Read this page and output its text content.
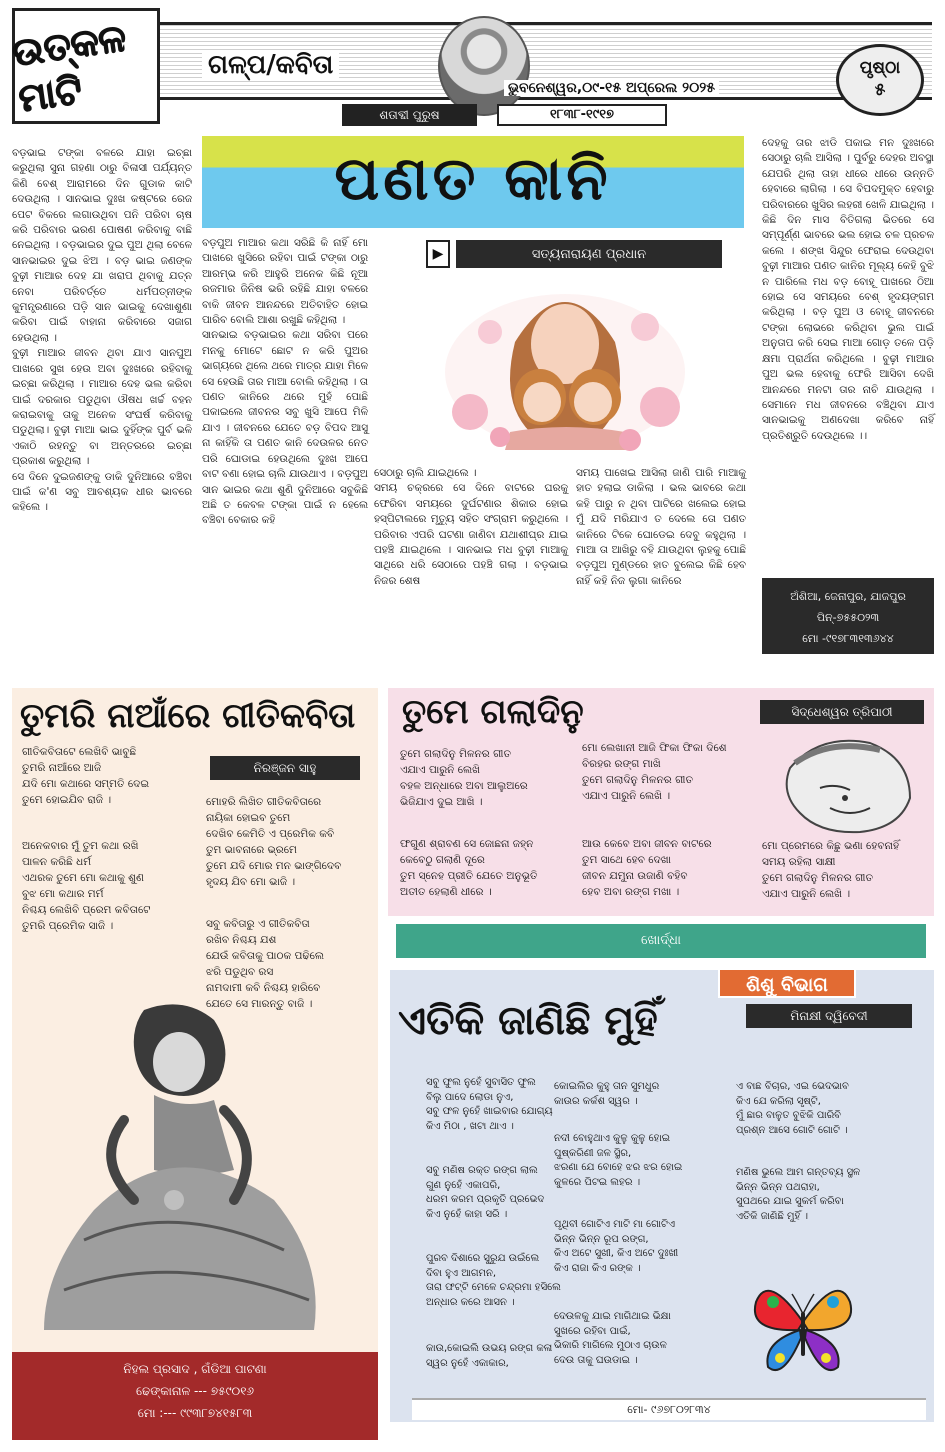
ଉତ୍କଳ ମାଟି
ଗଳ୍ପ/କବିତା
ଭୁବନେଶ୍ୱର,୦୯-୧୫ ଅପ୍ରେଲ ୨୦୨୫
ଶତାବ୍ଦୀ ପୁରୁଷ	୧୮୩୮-୧୯୧୭
ପୃଷ୍ଠା
୫
ବଡ଼ଭାଇ ଟଙ୍କା ବଳରେ ଯାହା ଇଚ୍ଛା କରୁଥିଲା ସୁନା ଗହଣା ଠାରୁ ବିଳାସୀ ପର୍ଯ୍ୟନ୍ତ କିଣି ବେଶ୍ ଆରାମରେ ଦିନ ଗୁଡାକ କାଟି ଦେଉଥିଲା । ସାନଭାଇ ଦୁଃଖ କଷ୍ଟରେ ରେଜ ପେଟ ବିକରେ ଲଗାଉଥିବା ପନି ପରିବା ଚାଷ କରି ପରିବାର ଭରଣ ପୋଷଣ କରିବାକୁ ବାଛି ନେଇଥିଲା । ବଡ଼ଭାଇର ଦୁଇ ପୁଅ ଥିଲା ବେଳେ ସାନଭାଇର ଦୁଇ ଝିଅ । ବଡ଼ ଭାଇ ଜଣଙ୍କ ବୁଢ଼ୀ ମାଆର ଦେହ ଯା ଖରାପ ଥିବାକୁ ଯତ୍ନ ନେବା ପରିବର୍ତ୍ତେ ଧର୍ମପତ୍ନୀଙ୍କ କୁମନ୍ତ୍ରଣାରେ ପଡ଼ି ସାନ ଭାଇକୁ ଦେଖାଶୁଣା କରିବା ପାଇଁ ବାହାନା କରିବାରେ ସଜାଗ ହେଉଥିଲା ।
ବୁଢ଼ୀ ମାଆର ଜୀବନ ଥିବା ଯାଏ ସାନପୁଅ ପାଖରେ ସୁଖ ହେଉ ଅବା ଦୁଃଖରେ ରହିବାକୁ ଇଚ୍ଛା କରିଥିଲା । ମାଆର ଦେହ ଭଲ କରିବା ପାଇଁ ଦରକାର ପଡୁଥିବା ଔଷଧ ଖର୍ଚ୍ଚ ବହନ କରାଇବାକୁ ତାକୁ ଅନେକ ସଂଘର୍ଷ କରିବାକୁ ପଡୁଥିଲା। ବୁଢ଼ୀ ମାଆ ଭାଇ ଦୁହିଁଙ୍କ ପୁର୍ବ ଭଳି ଏକାଠି ରହନ୍ତୁ ବା ଅନ୍ତରରେ ଇଚ୍ଛା ପ୍ରକାଶ କରୁଥିଲା ।
ସେ ଦିନେ ଦୁଇଜଣଙ୍କୁ ଡାକି ଦୁନିଆରେ ବଞ୍ଚିବା ପାଇଁ କ'ଣ ସବୁ ଆବଶ୍ୟକ ଧୀର ଭାବରେ କହିଲେ ।
ପଣତ କାନି
ବଡ଼ପୁଅ ମାଆର କଥା ସରିଛି କି ନାହିଁ ମୋ ପାଖରେ ଖୁସିରେ ରହିବା ପାଇଁ ଟଙ୍କା ଠାରୁ ଆରମ୍ଭ କରି ଆହୁରି ଅନେକ କିଛି ନୂଆ ରଜମାର ଜିନିଷ ଭରି ରହିଛି ଯାହା ବଳରେ ବାକି ଜୀବନ ଆନନ୍ଦରେ ଅତିବାହିତ ହୋଇ ପାରିବ ବୋଲି ଆଶା ରଖୁଛି କହିଥିଲା ।
ସାନଭାଇ ବଡ଼ଭାଇର କଥା ସରିବା ପରେ ମନକୁ ମୋଟେ ଛୋଟ ନ କରି ପୁଅର ଭାଗ୍ୟରେ ଥିଲେ ଥରେ ମାତ୍ର ଯାହା ମିଳେ ସେ ହେଉଛି ତାର ମାଆ ବୋଲି କହିଥିଲା । ତା ପଣତ କାନିରେ ଥରେ ମୁହଁ ପୋଛି ପକାଇଲେ ଜୀବନର ସବୁ ଖୁସି ଆପେ ମିଳି ଯାଏ । ଜୀବନରେ ଯେତେ ବଡ଼ ବିପଦ ଆସୁ ନା କାହିଁକି ତା ପଣତ କାନି ଦେଉଳର ନେତ ପରି ଘୋଡାଇ ହେଉଥିଲେ ଦୁଃଖ ଆପେ ବାଟ ବଣା ହୋଇ ଚାଲି ଯାଉଥାଏ । ବଡ଼ପୁଅ ସାନ ଭାଇର କଥା ଶୁଣି ଦୁନିଆରେ ସବୁକିଛି ଅଛି ତ କେବଳ ଟଙ୍କା ପାଇଁ ନ ହେଲେ ବଞ୍ଚିବା ବେକାର କହି
▶	ସତ୍ୟନାରାୟଣ ପ୍ରଧାନ
ସେଠାରୁ ଚାଲି ଯାଇଥିଲେ ।
ସମୟ ଚକ୍ରରେ ସେ ଦିନେ ବାଟରେ ଘରକୁ ଫେରିବା ସମୟରେ ଦୁର୍ଘଟଣାର ଶିକାର ହୋଇ ହସ୍ପିଟାଲରେ ମୃତ୍ୟୁ ସହିତ ସଂଗ୍ରାମ କରୁଥିଲେ । ପରିବାର ଏପରି ଘଟଣା ଜାଣିବା ଯଥାଶୀଘ୍ର ଯାଇ ପହଞ୍ଚି ଯାଇଥିଲେ । ସାନଭାଇ ମଧ ବୁଢ଼ୀ ମାଆକୁ ସାଥିରେ ଧରି ସେଠାରେ ପହଞ୍ଚି ଗଲା । ବଡ଼ଭାଇ ନିଜର ଶେଷ
ସମୟ ପାଖେଇ ଆସିଲା ଜାଣି ପାରି ମାଆକୁ ହାତ ହଲାଇ ଡାକିଲା । ଭଲ ଭାବରେ କଥା କହି ପାରୁ ନ ଥିବା ପାଟିରେ ଖଲେଇ ହୋଇ ମୁଁ ଯଦି ମରିଯାଏ ତ ଦେଲେ ତୋ ପଣତ କାନିରେ ଟିକେ ଘୋଡେଇ ଦେବୁ କହୁଥିଲା । ମାଆ ତା ଆଖିରୁ ବହି ଯାଉଥିବା ଲୁହକୁ ପୋଛି ବଡ଼ପୁଅ ମୁଣ୍ଡରେ ହାତ ବୁଲେଇ କିଛି ହେବ ନାହିଁ କହି ନିଜ ଲୁଗା କାନିରେ
ଦେହକୁ ତାର ଝାଡି ପକାଇ ମନ ଦୁଃଖରେ ସେଠାରୁ ଚାଲି ଆସିଲା । ପୁର୍ବରୁ ଦେହର ଅବସ୍ଥା ଯେପରି ଥିଲା ତାହା ଧୀରେ ଧୀରେ ଉନ୍ନତି ହେବାରେ ଲାଗିଲା । ସେ ବିପଦମୁକ୍ତ ହେବାରୁ ପରିବାରରେ ଖୁସିର ଲହରୀ ଖେଳି ଯାଇଥିଲା । କିଛି ଦିନ ମାସ ବିତିଗଲା ଭିତରେ ସେ ସମ୍ପୂର୍ଣ୍ଣ ଭାବରେ ଭଲ ହୋଇ ଚଳ ପ୍ରଚଳ କଲେ । ଶଙ୍ଖ ସିନ୍ଦୁର ଫେରାଇ ଦେଉଥିବା ବୁଢ଼ୀ ମାଆର ପଣତ କାନିର ମୂଲ୍ୟ କେହି ବୁଝି ନ ପାରିଲେ ମଧ ବଡ଼ ବୋହୂ ପାଖରେ ଠିଆ ହୋଇ ସେ ସମୟରେ ବେଶ୍ ହୃଦୟଙ୍ଗମ କରିଥିଲା । ବଡ଼ ପୁଅ ଓ ବୋହୂ ଜୀବନରେ ଟଙ୍କା ଲୋଭରେ କରିଥିବା ଭୁଲ ପାଇଁ ଅନୁତାପ କରି ସେଇ ମାଆ ଗୋଡ଼ ତଳେ ପଡ଼ି କ୍ଷମା ପ୍ରାର୍ଥନା କରିଥିଲେ । ବୁଢ଼ୀ ମାଆର ପୁଅ ଭଲ ହେବାକୁ ଫେରି ଆସିବା ଦେଖି ଆନନ୍ଦରେ ମନଟା ତାର ନାଚି ଯାଉଥିଲା । ସେମାନେ ମଧ ଜୀବନରେ ବଞ୍ଚିଥିବା ଯାଏ ସାନଭାଇକୁ ଅଣଦେଖା କରିବେ ନାହିଁ ପ୍ରତିଶ୍ରୁତି ଦେଉଥିଲେ ।।
ଅଁଶିଆ, ଜେନାପୁର, ଯାଜପୁର
ପିନ୍-୭୫୫୦୨୩
ମୋ -୯୧୭୮୩୧୩୬୪୪
ତୁମରି ନାଆଁରେ ଗୀତିକବିତା
ନିରଞ୍ଜନ ସାହୁ
ଗୀତିକବିତାଟେ ଲେଖିବି ଭାବୁଛି
ତୁମରି ନାଆଁରେ ଆଜି
ଯଦି ମୋ କଥାରେ ସମ୍ମତି ଦେଇ
ତୁମେ ହୋଇଯିବ ରାଜି ।	ମୋହରି ଲିଖିତ ଗୀତିକବିତାରେ
ନାୟିକା ହୋଇବ ତୁମେ
ଦେଖିବ କେମିତି ଏ ପ୍ରେମିକ କବି
ତୁମ ଭାବନାରେ ଭ୍ରମେ
ତୁମେ ଯଦି ମୋର ମନ ଭାଙ୍ଗିଦେବ
ହୃଦୟ ଯିବ ମୋ ଭାଜି ।
ଅନେକବାର ମୁଁ ତୁମ କଥା ରଖି
ପାଳନ କରିଛି ଧର୍ମ
ଏଥରକ ତୁମେ ମୋ କଥାକୁ ଶୁଣ
ବୁଝ ମୋ କଥାର ମର୍ମ
ନିଶ୍ଚୟ ଲେଖିବି ପ୍ରେମ କବିତାଟେ
ତୁମରି ପ୍ରେମିକ ସାଜି ।	ସବୁ କବିତାରୁ ଏ ଗୀତିକବିତା
ରଖିବ ନିଶ୍ଚୟ ଯଶ
ଯେଉଁ କବିତାକୁ ପାଠକ ପଢିଲେ
ଝରି ପଡୁଥିବ ରସ
ନାମଦାମୀ କବି ନିଶ୍ଚୟ ହାରିବେ
ଯେତେ ସେ ମାରନ୍ତୁ ବାଜି ।
ନିହଲ ପ୍ରସାଦ , ଗଁଡିଆ ପାଟଣା
ଢେଙ୍କାନାଳ --- ୭୫୯୦୧୬
ମୋ :--- ୯୯୩୮୭୪୧୫୮୩
ତୁମେ ଗଲାଦିନୁ	ସିଦ୍ଧେଶ୍ୱର ତ୍ରିପାଠୀ
ତୁମେ ଗଲାଦିନୁ ମିଳନର ଗୀତ
ଏଯାଏ ପାରୁନି ଲେଖି
ବହଳ ଅନ୍ଧାରେ ଅବା ଆଲୁଅରେ
ଭିଜିଯାଏ ଦୁଇ ଆଖି ।
ଫଗୁଣ ଶ୍ରାବଣ ସେ ଜୋଛନା ଜହ୍ନ
କେବେଠୁ ଗଲାଣି ଦୂରେ
ତୁମ ସ୍ନେହ ପ୍ରୀତି ଯେତେ ଅନୁଭୂତି
ଅତୀତ ହେଲାଣି ଧୀରେ ।
ମୋ ଲେଖାନୀ ଆଜି ଫିକା ଫିକା ଦିଶେ
ବିରହର ରଙ୍ଗ ମାଖି
ତୁମେ ଗଲାଦିନୁ ମିଳନର ଗୀତ
ଏଯାଏ ପାରୁନି ଲେଖି ।
ଆଉ କେବେ ଅବା ଜୀବନ ବାଟରେ
ତୁମ ସାଥେ ହେବ ଦେଖା
ଜୀବନ ଯମୁନା ଉଜାଣି ବହିବ
ହେବ ଅବା ରଙ୍ଗ ମଖା ।
ମୋ ପ୍ରେମରେ କିଛୁ ଭଣା ହେବନାହିଁ
ସମୟ ରହିଲା ସାକ୍ଷୀ
ତୁମେ ଗଲାଦିନୁ ମିଳନର ଗୀତ
ଏଯାଏ ପାରୁନି ଲେଖି ।
ଖୋର୍ଦ୍ଧା
ଶିଶୁ ବିଭାଗ
ଏତିକି ଜାଣିଛି ମୁହିଁ	ମିନାକ୍ଷୀ ଦ୍ୱିବେଦୀ
ସବୁ ଫୁଲ ନୁହେଁ ସୁବାସିତ ଫୁଲ
ବିଲୁ ପାଦେ ଲୋଡା ନୁଏ,
ସବୁ ଫଳ ନୁହେଁ ଖାଇବାର ଯୋଗ୍ୟ
କିଏ ମିଠା , ଖଟା ଥାଏ ।
ସବୁ ମଣିଷ ରକ୍ତ ରଙ୍ଗ ଲାଲ
ଗୁଣ ନୁହେଁ ଏକାପରି,
ଧରମ କରମ ପ୍ରକୃତି ପ୍ରଭେଦ
କିଏ ନୁହେଁ କାହା ସରି ।
ପୁରବ ଦିଶାରେ ସୁରୁଯ ଉଇଁଲେ
ଦିବା ହୁଏ ଆଗମନ,
ତାରା ଫଟ୍ଟି ମେଳେ ଚନ୍ଦ୍ରମା ହସିଲେ
ଅନ୍ଧାର କରେ ଆସନ ।
କାଉ,କୋଇଲି ଉଭୟ ରଙ୍ଗ କଳା
ସ୍ୱର ନୁହେଁ ଏକାକାର,
କୋଇଲିର କୁହୁ ତାନ ସୁମଧୁର
କାଉର କର୍କଶ ସ୍ୱର ।
ନଦୀ ବୋହୁଥାଏ କୁଳୁ କୁଳୁ ହୋଇ
ପୁଷ୍କରିଣୀ ଜଳ ସ୍ଥିର,
ଝରଣା ଯେ ବୋହେ ଝର ଝର ହୋଇ
କୁଳରେ ପିଟଇ ଲହର ।
ପୃଥିବୀ ଗୋଟିଏ ମାଟି ମା ଗୋଟିଏ
ଭିନ୍ନ ଭିନ୍ନ ରୂପ ରଙ୍ଗ,
କିଏ ଅଟେ ସୁଖୀ, କିଏ ଅଟେ ଦୁଃଖୀ
କିଏ ରାଜା କିଏ ରଙ୍କ ।
ଦେଉଳକୁ ଯାଇ ମାଗିଥାଇ ଭିକ୍ଷା
ସୁଖରେ ରହିବା ପାଇଁ,
ଭିକାରି ମାଗିଲେ ମୁଠାଏ ଚାଉଳ
ଦେଉ ତାକୁ ଘଉଡାଇ ।
ଏ ବାଛ ବିଚାର, ଏଇ ଭେଦଭାବ
କିଏ ଯେ କରିଲା ସୃଷ୍ଟି,
ମୁଁ ଛାର ବାଳୁତ ବୁଝିକି ପାରିବି
ପ୍ରଶ୍ନ ଆସେ ଗୋଟି ଗୋଟି ।
ମଣିଷ ଭୁଲେ ଆମ ଗନ୍ତବ୍ୟ ସ୍ଥଳ
ଭିନ୍ନ ଭିନ୍ନ ପଥରାହା,
ସୁପଥରେ ଯାଇ ସୁକର୍ମ କରିବା
ଏତିକି ଜାଣିଛି ମୁହିଁ ।
ମୋ- ୯୬୭୮୦୨୮୩୪
